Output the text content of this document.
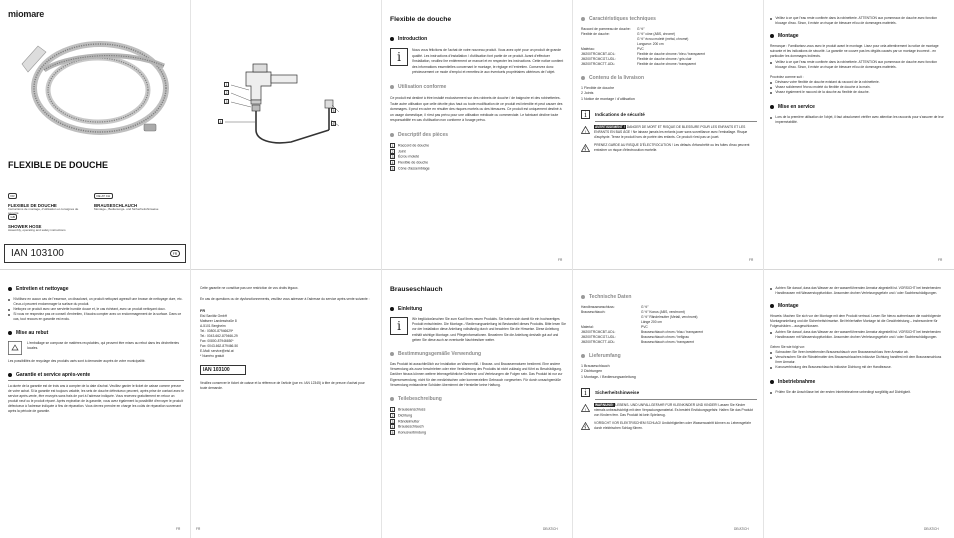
miomare
FLEXIBLE DE DOUCHE
FR
FLEXIBLE DE DOUCHE
Instructions de montage, d'utilisation et consignes de sécurité
DE AT CH
BRAUSESCHLAUCH
Montage-, Bedienungs- und Sicherheitshinweise
GB
SHOWER HOSE
Assembly, operating and safety instructions
IAN 103100	FR
1
2
3
4
5
6
Flexible de douche
Introduction
i	Nous vous félicitons de l'achat de votre nouveau produit. Vous avez opté pour un produit de grande qualité. Les instructions d'installation / d'utilisation font partie de ce produit. Avant d'effectuer l'installation, veuillez lire entièrement ce manuel et en respecter les instructions. Cette notice contient des informations essentielles concernant le montage, le réglage et l'entretien. Conservez donc précieusement ce mode d'emploi et remettez-le aux éventuels propriétaires ultérieurs de l'objet.
Utilisation conforme
Ce produit est destiné à être installé exclusivement sur des robinets de douche / de baignoire et des robinetteries. Toute autre utilisation que celle décrite plus haut ou toute modification de ce produit est interdite et peut causer des dommages. Il peut en outre en résulter des risques mortels ou des blessures. Ce produit est uniquement destiné à un usage domestique, il n'est pas prévu pour une utilisation médicale ou commerciale. Le fabricant décline toute responsabilité en cas d'utilisation non conforme à l'usage prévu.
Descriptif des pièces
1 Raccord de douche
2 Joint
3 Écrou moleté
4 Flexible de douche
5 Cône d'assemblage
FR
Caractéristiques techniques
Raccord de pommeau de douche:	G ½"
Flexible de douche:	G ½" cône (ABS, chromé)
G ½" écrou moleté (métal, chromé)
Longueur: 200 cm
Matériau:	PVC
JM200TRCMCBT-UDL:	Flexible de douche chrome / bleu / transparent
JM200TRCMCGT-UDL:	Flexible de douche chrome / gris clair
JM200TRCMCTT-UDL:	Flexible de douche chrome / transparent
Contenu de la livraison
1 Flexible de douche
2 Joints
1 Notice de montage / d'utilisation
i	Indications de sécurité
!
AVERTISSEMENT ! DANGER DE MORT ET RISQUE DE BLESSURE POUR LES ENFANTS ET LES ENFANTS EN BAS ÂGE ! Ne laissez jamais les enfants jouer sans surveillance avec l'emballage. Risque d'asphyxie. Tenez le produit hors de portée des enfants. Ce produit n'est pas un jouet.
PRENEZ GARDE AU RISQUE D'ÉLECTROCUTION ! Les défauts d'étanchéité ou les fuites d'eau peuvent entraîner un risque d'électrocution mortelle.
FR
Veillez à ce que l'eau reste confinée dans la robinetterie. ATTENTION aux pommeaux de douche avec fonction blocage d'eau. Sinon, il existe un risque de blessure et/ou de dommages matériels.
Montage
Remarque : Familiarisez-vous avec le produit avant le montage. Lisez pour cela attentivement la notice de montage suivante et les indications de sécurité. La garantie ne couvre pas les dégâts causés par un montage incorrect - en particulier les dommages indirects.
Veillez à ce que l'eau reste confinée dans la robinetterie. ATTENTION aux pommeaux de douche avec fonction blocage d'eau. Sinon, il existe un risque de blessure et/ou de dommages matériels.
Procédez comme suit :
Dévissez votre flexible de douche existant du raccord de la robinetterie.
Vissez solidement l'écrou moleté du flexible de douche à la main.
Vissez également le raccord de la douche au flexible de douche.
Mise en service
Lors de la première utilisation de l'objet, il faut absolument vérifier avec attention les raccords pour s'assurer de leur imperméabilité.
FR
Entretien et nettoyage
N'utilisez en aucun cas de l'essence, un dissolvant, un produit nettoyant agressif une brosse de nettoyage dure, etc. Ceux-ci peuvent endommager la surface du produit.
Nettoyez ce produit avec une serviette humide douce et, le cas échéant, avec un produit nettoyant doux.
Si vous ne respectez pas ce conseil d'entretien, il faudra compter avec un endommagement de la surface. Dans ce cas, tout recours en garantie est exclu.
Mise au rebut
L'emballage se compose de matières recyclables, qui peuvent être mises au rebut dans les déchetteries locales.
Les possibilités de recyclage des produits usés sont à demander auprès de votre municipalité.
Garantie et service après-vente
La durée de la garantie est de trois ans à compter de la date d'achat. Veuillez garder le ticket de caisse comme preuve de votre achat. Si la garantie est toujours valable, les sets de douche défectueux peuvent, après prise de contact avec le service après-vente, être envoyés sans frais de port à l'adresse indiquée. Vous recevrez gratuitement en retour un produit neuf ou le produit réparé. Après expiration de la garantie, vous avez également la possibilité d'envoyer le produit défectueux à l'adresse indiquée à fins de réparation. Vous devrez prendre en charge les coûts de réparation survenant après la période de garantie.
FR
Cette garantie ne constitue pas une restriction de vos droits légaux.
En cas de questions ou de dysfonctionnements, veuillez vous adresser à l'adresse du service après-vente suivante :
FR
Eisl Sanitär GmbH
Mattseer Landesstraße 8
A-5101 Bergheim
Tel.: 00800-87946629*
Tel.: 0043-662-879466-29
Fax: 00800-87946650*
Fax: 0043-662-879466-50
E-Mail: service@eisl.at
* Numéro gratuit
IAN 103100
Veuillez conserver le ticket de caisse et la référence de l'article (par ex. IAN 12345) à titre de preuve d'achat pour toute demande.
FR
Brauseschlauch
Einleitung
i	Wir beglückwünschen Sie zum Kauf Ihres neuen Produkts. Sie haben sich damit für ein hochwertiges Produkt entschieden. Die Montage- / Bedienungsanleitung ist Bestandteil dieses Produkts. Bitte lesen Sie vor der Installation diese Anleitung vollständig durch und beachten Sie die Hinweise. Diese Anleitung enthält wichtige Montage- und Pflegeinformationen. Bewahren Sie die Anleitung deshalb gut auf und geben Sie diese auch an eventuelle Nachbesitzer weiter.
Bestimmungsgemäße Verwendung
Das Produkt ist ausschließlich zur Installation an Wannenfüll- / Brause- und Brausearmaturen bestimmt. Eine andere Verwendung als zuvor beschrieben oder eine Veränderung des Produkts ist nicht zulässig und führt zu Beschädigung. Darüber hinaus können weitere lebensgefährliche Gefahren und Verletzungen die Folgen sein. Das Produkt ist nur zur Eigenverwendung, nicht für den medizinischen oder kommerziellen Gebrauch vorgesehen. Für durch unsachgemäße Verwendung entstandene Schäden übernimmt der Hersteller keine Haftung.
Teilebeschreibung
1 Brauseanschluss
2 Dichtung
3 Rändelmutter
4 Brauseschlauch
5 Konusverbindung
DE/AT/CH
Technische Daten
Handbrauseanschluss:	G ½"
Brauseschlauch:	G ½" Konus (ABS, verchromt)
G ½" Rändelmutter (Metall, verchromt)
Länge 200 cm
Material:	PVC
JM200TRCMCBT-UDL:	Brauseschlauch chrom / blau / transparent
JM200TRCMCGT-UDL:	Brauseschlauch chrom / hellgrau
JM200TRCMCTT-UDL:	Brauseschlauch chrom / transparent
Lieferumfang
1 Brauseschlauch
2 Dichtungen
1 Montage- / Bedienungsanleitung
i	Sicherheitshinweise
!
WARNUNG! LEBENS- UND UNFALLGEFAHR FÜR KLEINKINDER UND KINDER! Lassen Sie Kinder niemals unbeaufsichtigt mit dem Verpackungsmaterial. Es besteht Erstickungsgefahr. Halten Sie das Produkt von Kindern fern. Das Produkt ist kein Spielzeug.
VORSICHT VOR ELEKTRISCHEM SCHLAG! Undichtigkeiten oder Wasseraustritt können zu Lebensgefahr durch elektrischen Schlag führen.
DE/AT/CH
Achten Sie darauf, dass das Wasser an der wasserführenden Armatur abgestellt ist. VORSICHT bei bestehenden Handbrausen mit Wasserstoppfunktion. Ansonsten drohen Verletzungsgefahr und / oder Sachbeschädigungen.
Montage
Hinweis: Machen Sie sich vor der Montage mit dem Produkt vertraut. Lesen Sie hierzu aufmerksam die nachfolgende Montageanleitung und die Sicherheitshinweise. Bei fehlerhafter Montage ist die Gewährleistung – insbesondere für Folgeschäden – ausgeschlossen.
Achten Sie darauf, dass das Wasser an der wasserführenden Armatur abgestellt ist. VORSICHT bei bestehenden Handbrausen mit Wasserstoppfunktion. Ansonsten drohen Verletzungsgefahr und / oder Sachbeschädigungen.
Gehen Sie wie folgt vor:
Schrauben Sie Ihren bestehenden Brauseschlauch vom Brauseanschluss Ihrer Armatur ab.
Verschrauben Sie die Rändelmutter des Brauseschlauches inklusive Dichtung handfest mit dem Brauseanschluss Ihrer Armatur.
Konusverbindung des Brauseschlauchs inklusive Dichtung mit der Handbrause.
Inbetriebnahme
Prüfen Sie die Anschlüsse bei der ersten Inbetriebnahme unbedingt sorgfältig auf Dichtigkeit.
DE/AT/CH
